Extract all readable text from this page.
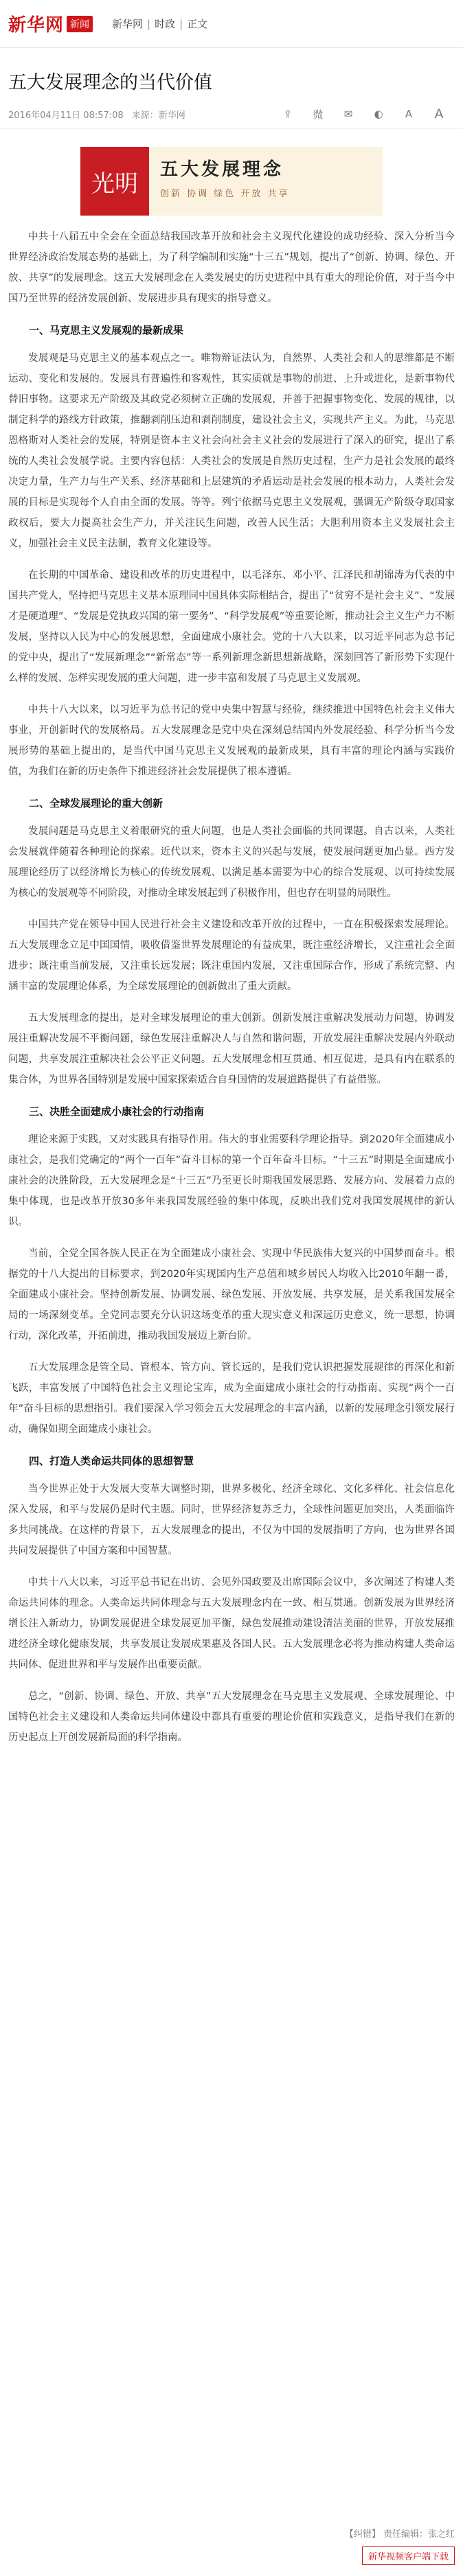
新华网 新闻	新华网 | 时政 | 正文
五大发展理念的当代价值
2016年04月11日 08:57:08 来源：新华网	⇪	微	✉	◐	A	A
光明
五大发展理念
创新 协调 绿色 开放 共享

中共十八届五中全会在全面总结我国改革开放和社会主义现代化建设的成功经验、深入分析当今世界经济政治发展态势的基础上，为了科学编制和实施“十三五”规划，提出了“创新、协调、绿色、开放、共享”的发展理念。这五大发展理念在人类发展史的历史进程中具有重大的理论价值，对于当今中国乃至世界的经济发展创新、发展进步具有现实的指导意义。

一、马克思主义发展观的最新成果

发展观是马克思主义的基本观点之一。唯物辩证法认为，自然界、人类社会和人的思维都是不断运动、变化和发展的。发展具有普遍性和客观性，其实质就是事物的前进、上升或进化，是新事物代替旧事物。这要求无产阶级及其政党必须树立正确的发展观，并善于把握事物变化、发展的规律，以制定科学的路线方针政策，推翻剥削压迫和剥削制度，建设社会主义，实现共产主义。为此，马克思恩格斯对人类社会的发展，特别是资本主义社会向社会主义社会的发展进行了深入的研究，提出了系统的人类社会发展学说。主要内容包括：人类社会的发展是自然历史过程，生产力是社会发展的最终决定力量，生产力与生产关系、经济基础和上层建筑的矛盾运动是社会发展的根本动力，人类社会发展的目标是实现每个人自由全面的发展。等等。列宁依据马克思主义发展观，强调无产阶级夺取国家政权后，要大力提高社会生产力，并关注民生问题，改善人民生活；大胆利用资本主义发展社会主义，加强社会主义民主法制，教育文化建设等。

在长期的中国革命、建设和改革的历史进程中，以毛泽东、邓小平、江泽民和胡锦涛为代表的中国共产党人，坚持把马克思主义基本原理同中国具体实际相结合，提出了“贫穷不是社会主义”、“发展才是硬道理”、“发展是党执政兴国的第一要务”、“科学发展观”等重要论断，推动社会主义生产力不断发展，坚持以人民为中心的发展思想，全面建成小康社会。党的十八大以来，以习近平同志为总书记的党中央，提出了“发展新理念”“新常态”等一系列新理念新思想新战略，深刻回答了新形势下实现什么样的发展、怎样实现发展的重大问题，进一步丰富和发展了马克思主义发展观。

中共十八大以来，以习近平为总书记的党中央集中智慧与经验，继续推进中国特色社会主义伟大事业，开创新时代的发展格局。五大发展理念是党中央在深刻总结国内外发展经验、科学分析当今发展形势的基础上提出的，是当代中国马克思主义发展观的最新成果，具有丰富的理论内涵与实践价值，为我们在新的历史条件下推进经济社会发展提供了根本遵循。

二、全球发展理论的重大创新

发展问题是马克思主义着眼研究的重大问题，也是人类社会面临的共同课题。自古以来，人类社会发展就伴随着各种理论的探索。近代以来，资本主义的兴起与发展，使发展问题更加凸显。西方发展理论经历了以经济增长为核心的传统发展观、以满足基本需要为中心的综合发展观、以可持续发展为核心的发展观等不同阶段，对推动全球发展起到了积极作用，但也存在明显的局限性。

中国共产党在领导中国人民进行社会主义建设和改革开放的过程中，一直在积极探索发展理论。五大发展理念立足中国国情，吸收借鉴世界发展理论的有益成果，既注重经济增长，又注重社会全面进步；既注重当前发展，又注重长远发展；既注重国内发展，又注重国际合作，形成了系统完整、内涵丰富的发展理论体系，为全球发展理论的创新做出了重大贡献。

五大发展理念的提出，是对全球发展理论的重大创新。创新发展注重解决发展动力问题，协调发展注重解决发展不平衡问题，绿色发展注重解决人与自然和谐问题，开放发展注重解决发展内外联动问题，共享发展注重解决社会公平正义问题。五大发展理念相互贯通、相互促进，是具有内在联系的集合体，为世界各国特别是发展中国家探索适合自身国情的发展道路提供了有益借鉴。

三、决胜全面建成小康社会的行动指南

理论来源于实践，又对实践具有指导作用。伟大的事业需要科学理论指导。到2020年全面建成小康社会，是我们党确定的“两个一百年”奋斗目标的第一个百年奋斗目标。“十三五”时期是全面建成小康社会的决胜阶段，五大发展理念是“十三五”乃至更长时期我国发展思路、发展方向、发展着力点的集中体现，也是改革开放30多年来我国发展经验的集中体现，反映出我们党对我国发展规律的新认识。

当前，全党全国各族人民正在为全面建成小康社会、实现中华民族伟大复兴的中国梦而奋斗。根据党的十八大提出的目标要求，到2020年实现国内生产总值和城乡居民人均收入比2010年翻一番，全面建成小康社会。坚持创新发展、协调发展、绿色发展、开放发展、共享发展，是关系我国发展全局的一场深刻变革。全党同志要充分认识这场变革的重大现实意义和深远历史意义，统一思想，协调行动，深化改革，开拓前进，推动我国发展迈上新台阶。

五大发展理念是管全局、管根本、管方向、管长远的，是我们党认识把握发展规律的再深化和新飞跃，丰富发展了中国特色社会主义理论宝库，成为全面建成小康社会的行动指南、实现“两个一百年”奋斗目标的思想指引。我们要深入学习领会五大发展理念的丰富内涵，以新的发展理念引领发展行动，确保如期全面建成小康社会。

四、打造人类命运共同体的思想智慧

当今世界正处于大发展大变革大调整时期，世界多极化、经济全球化、文化多样化、社会信息化深入发展，和平与发展仍是时代主题。同时，世界经济复苏乏力，全球性问题更加突出，人类面临许多共同挑战。在这样的背景下，五大发展理念的提出，不仅为中国的发展指明了方向，也为世界各国共同发展提供了中国方案和中国智慧。

中共十八大以来，习近平总书记在出访、会见外国政要及出席国际会议中，多次阐述了构建人类命运共同体的理念。人类命运共同体理念与五大发展理念内在一致、相互贯通。创新发展为世界经济增长注入新动力，协调发展促进全球发展更加平衡，绿色发展推动建设清洁美丽的世界，开放发展推进经济全球化健康发展，共享发展让发展成果惠及各国人民。五大发展理念必将为推动构建人类命运共同体、促进世界和平与发展作出重要贡献。

总之，“创新、协调、绿色、开放、共享”五大发展理念在马克思主义发展观、全球发展理论、中国特色社会主义建设和人类命运共同体建设中都具有重要的理论价值和实践意义，是指导我们在新的历史起点上开创发展新局面的科学指南。

【纠错】 责任编辑：张之红
新华视频客户端下载
